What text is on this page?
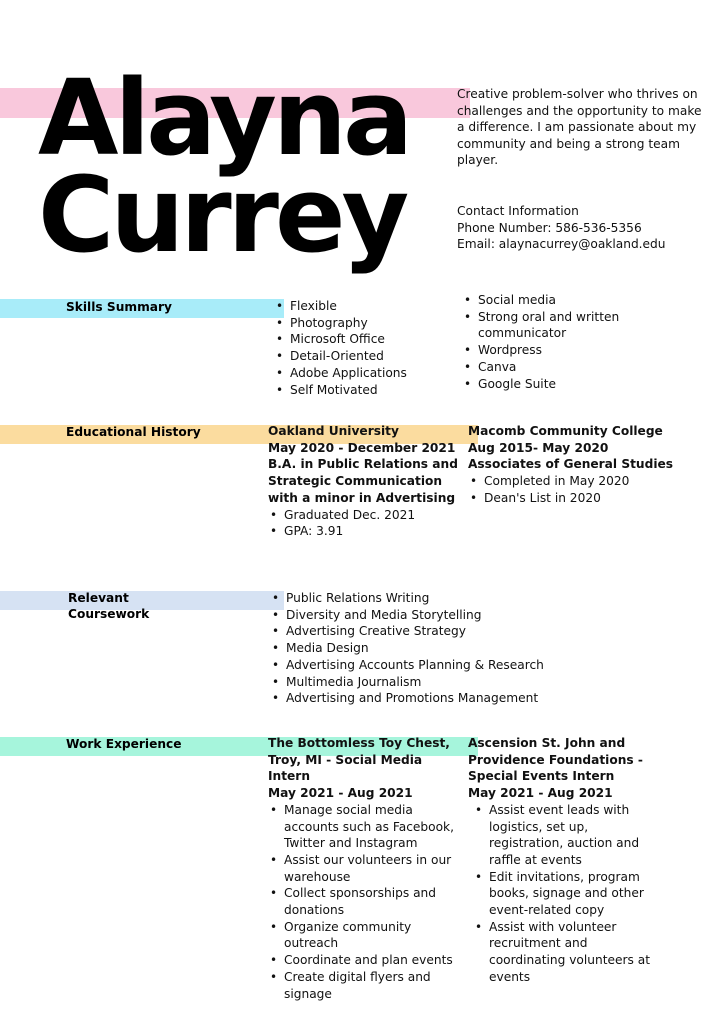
Alayna
Currey
Creative problem-solver who thrives on challenges and the opportunity to make a difference. I am passionate about my community and being a strong team player.
Contact Information
Phone Number: 586-536-5356
Email: alaynacurrey@oakland.edu
Skills Summary
•	Flexible
• Photography
• Microsoft Office
• Detail-Oriented
• Adobe Applications
• Self Motivated
• Social media
• Strong oral and written communicator
• Wordpress
• Canva
• Google Suite
Educational History	Oakland University
May 2020 - December 2021
B.A. in Public Relations and Strategic Communication with a minor in Advertising
• Graduated Dec. 2021
• GPA: 3.91
Macomb Community College
Aug 2015- May 2020
Associates of General Studies
• Completed in May 2020
• Dean's List in 2020
Relevant
Coursework
• Public Relations Writing
• Diversity and Media Storytelling
• Advertising Creative Strategy
• Media Design
• Advertising Accounts Planning & Research
• Multimedia Journalism
• Advertising and Promotions Management
Work Experience	The Bottomless Toy Chest, Troy, MI - Social Media Intern
May 2021 - Aug 2021
• Manage social media accounts such as Facebook, Twitter and Instagram
• Assist our volunteers in our warehouse
• Collect sponsorships and donations
• Organize community outreach
• Coordinate and plan events
• Create digital flyers and signage
Ascension St. John and Providence Foundations - Special Events Intern
May 2021 - Aug 2021
• Assist event leads with logistics, set up, registration, auction and raffle at events
• Edit invitations, program books, signage and other event-related copy
• Assist with volunteer recruitment and coordinating volunteers at events
